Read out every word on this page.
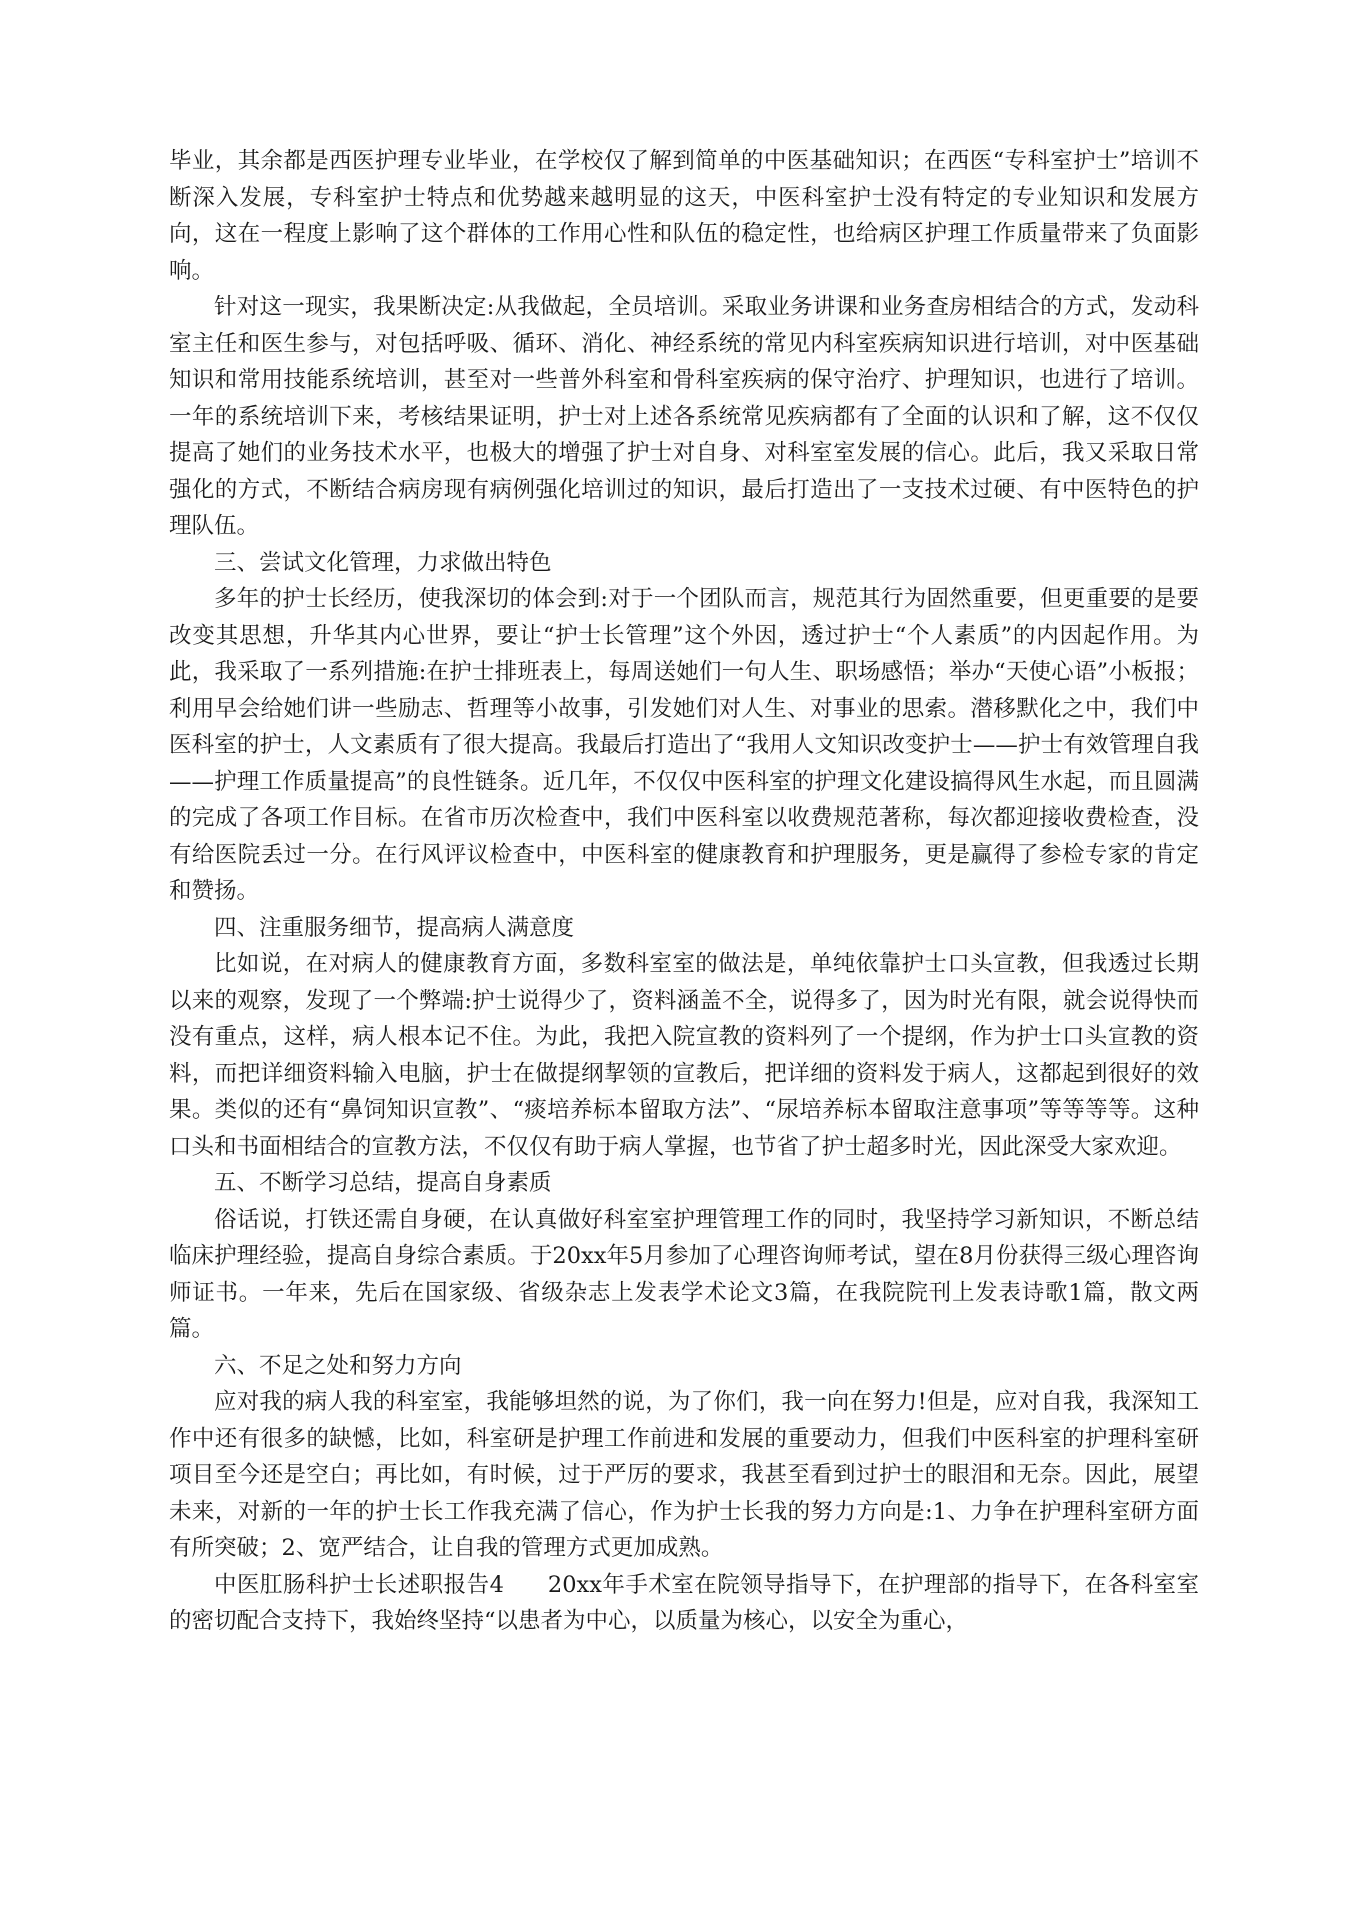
毕业，其余都是西医护理专业毕业，在学校仅了解到简单的中医基础知识；在西医“专科室护士”培训不断深入发展，专科室护士特点和优势越来越明显的这天，中医科室护士没有特定的专业知识和发展方向，这在一程度上影响了这个群体的工作用心性和队伍的稳定性，也给病区护理工作质量带来了负面影响。

针对这一现实，我果断决定:从我做起，全员培训。采取业务讲课和业务查房相结合的方式，发动科室主任和医生参与，对包括呼吸、循环、消化、神经系统的常见内科室疾病知识进行培训，对中医基础知识和常用技能系统培训，甚至对一些普外科室和骨科室疾病的保守治疗、护理知识，也进行了培训。一年的系统培训下来，考核结果证明，护士对上述各系统常见疾病都有了全面的认识和了解，这不仅仅提高了她们的业务技术水平，也极大的增强了护士对自身、对科室室发展的信心。此后，我又采取日常强化的方式，不断结合病房现有病例强化培训过的知识，最后打造出了一支技术过硬、有中医特色的护理队伍。

三、尝试文化管理，力求做出特色

多年的护士长经历，使我深切的体会到:对于一个团队而言，规范其行为固然重要，但更重要的是要改变其思想，升华其内心世界，要让“护士长管理”这个外因，透过护士“个人素质”的内因起作用。为此，我采取了一系列措施:在护士排班表上，每周送她们一句人生、职场感悟；举办“天使心语”小板报；利用早会给她们讲一些励志、哲理等小故事，引发她们对人生、对事业的思索。潜移默化之中，我们中医科室的护士，人文素质有了很大提高。我最后打造出了“我用人文知识改变护士——护士有效管理自我——护理工作质量提高”的良性链条。近几年，不仅仅中医科室的护理文化建设搞得风生水起，而且圆满的完成了各项工作目标。在省市历次检查中，我们中医科室以收费规范著称，每次都迎接收费检查，没有给医院丢过一分。在行风评议检查中，中医科室的健康教育和护理服务，更是赢得了参检专家的肯定和赞扬。

四、注重服务细节，提高病人满意度

比如说，在对病人的健康教育方面，多数科室室的做法是，单纯依靠护士口头宣教，但我透过长期以来的观察，发现了一个弊端:护士说得少了，资料涵盖不全，说得多了，因为时光有限，就会说得快而没有重点，这样，病人根本记不住。为此，我把入院宣教的资料列了一个提纲，作为护士口头宣教的资料，而把详细资料输入电脑，护士在做提纲挈领的宣教后，把详细的资料发于病人，这都起到很好的效果。类似的还有“鼻饲知识宣教”、“痰培养标本留取方法”、“尿培养标本留取注意事项”等等等等。这种口头和书面相结合的宣教方法，不仅仅有助于病人掌握，也节省了护士超多时光，因此深受大家欢迎。

五、不断学习总结，提高自身素质

俗话说，打铁还需自身硬，在认真做好科室室护理管理工作的同时，我坚持学习新知识，不断总结临床护理经验，提高自身综合素质。于20xx年5月参加了心理咨询师考试，望在8月份获得三级心理咨询师证书。一年来，先后在国家级、省级杂志上发表学术论文3篇，在我院院刊上发表诗歌1篇，散文两篇。

六、不足之处和努力方向

应对我的病人我的科室室，我能够坦然的说，为了你们，我一向在努力!但是，应对自我，我深知工作中还有很多的缺憾，比如，科室研是护理工作前进和发展的重要动力，但我们中医科室的护理科室研项目至今还是空白；再比如，有时候，过于严厉的要求，我甚至看到过护士的眼泪和无奈。因此，展望未来，对新的一年的护士长工作我充满了信心，作为护士长我的努力方向是:1、力争在护理科室研方面有所突破；2、宽严结合，让自我的管理方式更加成熟。

中医肛肠科护士长述职报告4 20xx年手术室在院领导指导下，在护理部的指导下，在各科室室的密切配合支持下，我始终坚持“以患者为中心，以质量为核心，以安全为重心，
